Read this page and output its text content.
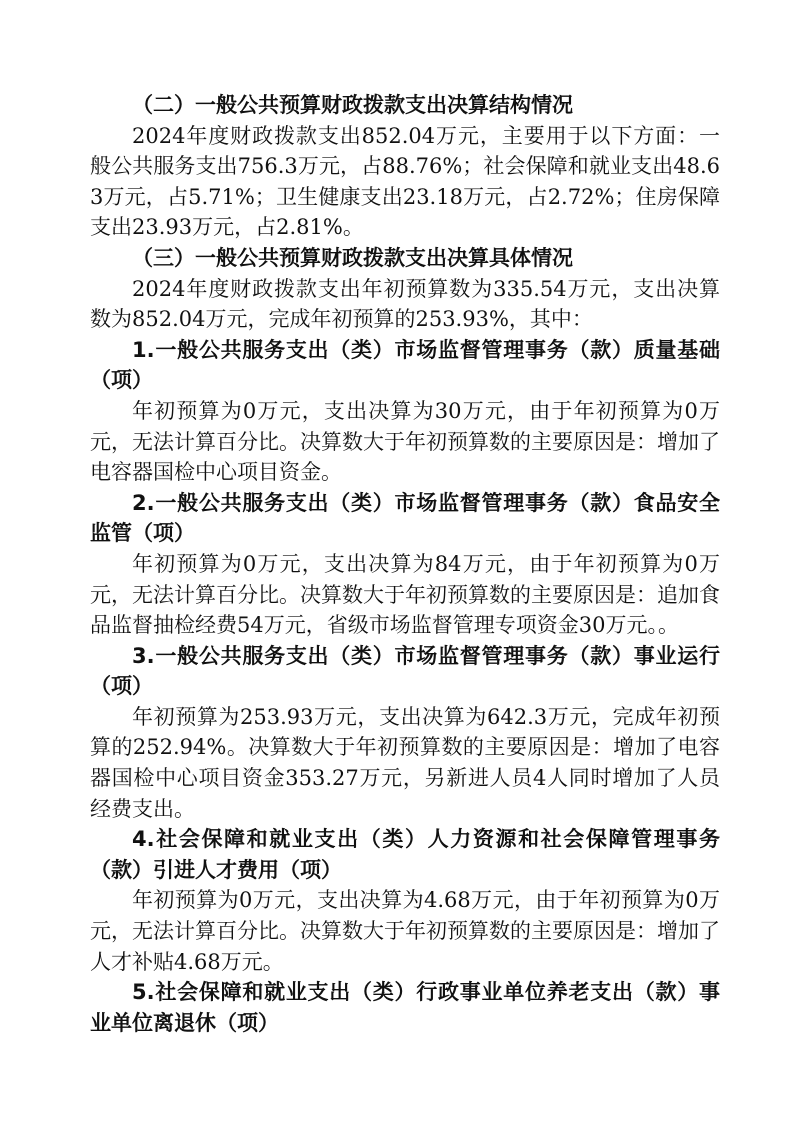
（二）一般公共预算财政拨款支出决算结构情况

2024年度财政拨款支出852.04万元，主要用于以下方面：一般公共服务支出756.3万元，占88.76%；社会保障和就业支出48.63万元，占5.71%；卫生健康支出23.18万元，占2.72%；住房保障支出23.93万元，占2.81%。

（三）一般公共预算财政拨款支出决算具体情况

2024年度财政拨款支出年初预算数为335.54万元，支出决算数为852.04万元，完成年初预算的253.93%，其中：

1.一般公共服务支出（类）市场监督管理事务（款）质量基础（项）

年初预算为0万元，支出决算为30万元，由于年初预算为0万元，无法计算百分比。决算数大于年初预算数的主要原因是：增加了电容器国检中心项目资金。

2.一般公共服务支出（类）市场监督管理事务（款）食品安全监管（项）

年初预算为0万元，支出决算为84万元，由于年初预算为0万元，无法计算百分比。决算数大于年初预算数的主要原因是：追加食品监督抽检经费54万元，省级市场监督管理专项资金30万元。。

3.一般公共服务支出（类）市场监督管理事务（款）事业运行（项）

年初预算为253.93万元，支出决算为642.3万元，完成年初预算的252.94%。决算数大于年初预算数的主要原因是：增加了电容器国检中心项目资金353.27万元，另新进人员4人同时增加了人员经费支出。

4.社会保障和就业支出（类）人力资源和社会保障管理事务（款）引进人才费用（项）

年初预算为0万元，支出决算为4.68万元，由于年初预算为0万元，无法计算百分比。决算数大于年初预算数的主要原因是：增加了人才补贴4.68万元。

5.社会保障和就业支出（类）行政事业单位养老支出（款）事业单位离退休（项）
